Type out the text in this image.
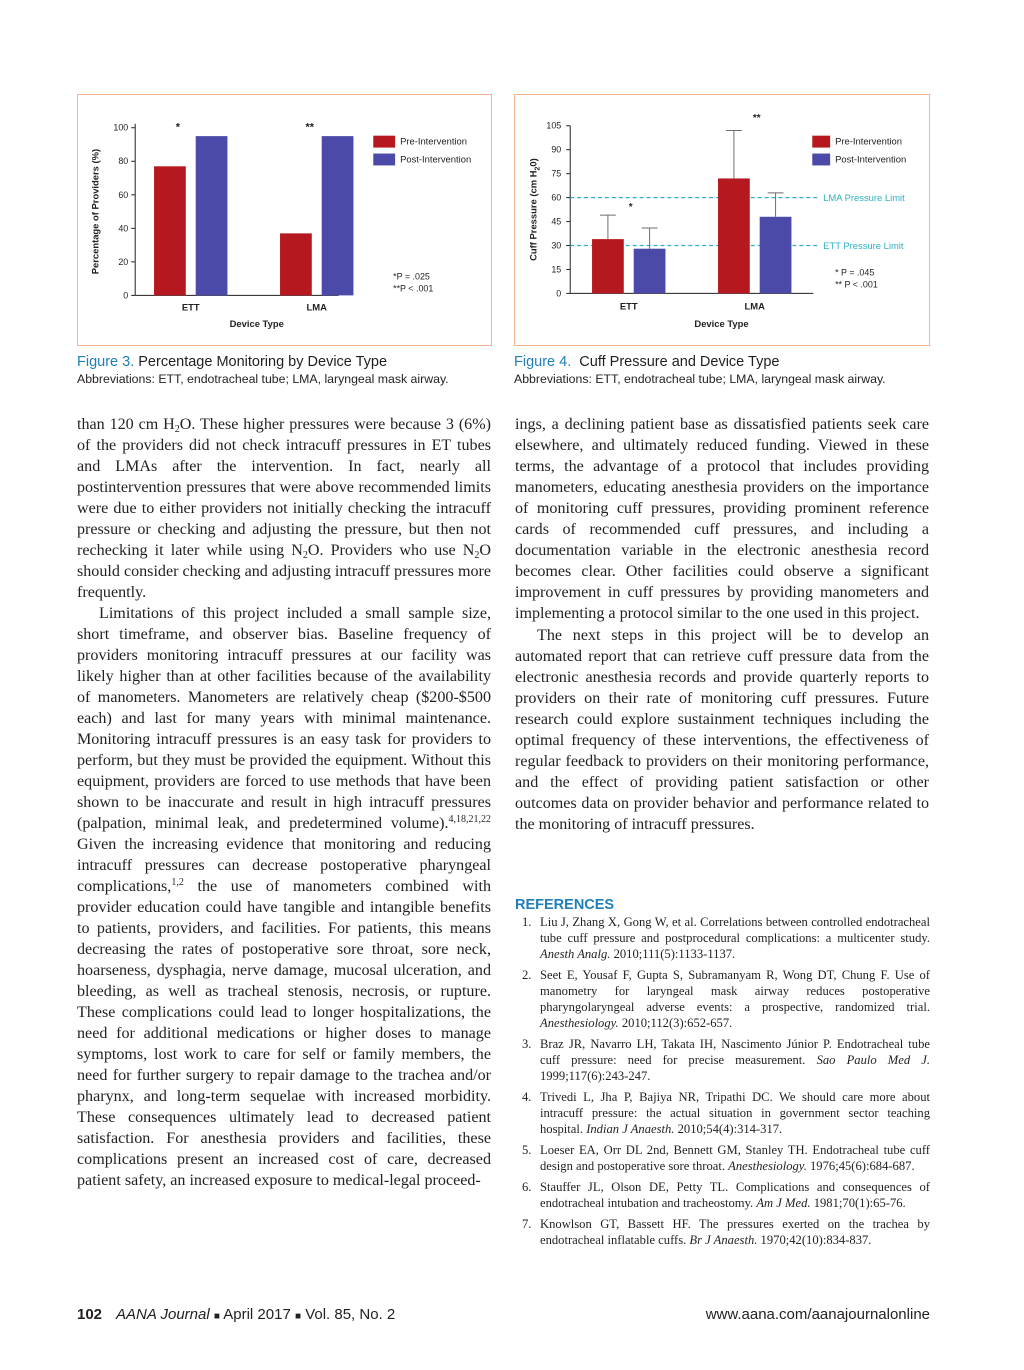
0
20
40
60
80
100
ETT
*
LMA
**
Device Type
Percentage of Providers (%)
Pre-Intervention
Post-Intervention
*P = .025
**P < .001	0
15
30
45
60
75
90
105
LMA Pressure Limit
ETT Pressure Limit
ETT	LMA
*
**
Device Type
Cuff Pressure (cm $H_20$)
Pre-Intervention
Post-Intervention
* P = .045
** P < .001
Figure 3. Percentage Monitoring by Device Type
Abbreviations: ETT, endotracheal tube; LMA, laryngeal mask airway.
Figure 4. Cuff Pressure and Device Type
Abbreviations: ETT, endotracheal tube; LMA, laryngeal mask airway.

than 120 cm $H_2O$. These higher pressures were because 3 (6%) of the providers did not check intracuff pressures in ET tubes and LMAs after the intervention. In fact, nearly all postintervention pressures that were above recommended limits were due to either providers not initially checking the intracuff pressure or checking and adjusting the pressure, but then not rechecking it later while using $N_2O$. Providers who use $N_2O$ should consider checking and adjusting intracuff pressures more frequently.

Limitations of this project included a small sample size, short timeframe, and observer bias. Baseline frequency of providers monitoring intracuff pressures at our facility was likely higher than at other facilities because of the availability of manometers. Manometers are relatively cheap ($200-$500 each) and last for many years with minimal maintenance. Monitoring intracuff pressures is an easy task for providers to perform, but they must be provided the equipment. Without this equipment, providers are forced to use methods that have been shown to be inaccurate and result in high intracuff pressures (palpation, minimal leak, and predetermined volume).$^{4,18,21,22}$ Given the increasing evidence that monitoring and reducing intracuff pressures can decrease postoperative pharyngeal complications,$^{1,2}$ the use of manometers combined with provider education could have tangible and intangible benefits to patients, providers, and facilities. For patients, this means decreasing the rates of postoperative sore throat, sore neck, hoarseness, dysphagia, nerve damage, mucosal ulceration, and bleeding, as well as tracheal stenosis, necrosis, or rupture. These complications could lead to longer hospitalizations, the need for additional medications or higher doses to manage symptoms, lost work to care for self or family members, the need for further surgery to repair damage to the trachea and/or pharynx, and long-term sequelae with increased morbidity. These consequences ultimately lead to decreased patient satisfaction. For anesthesia providers and facilities, these complications present an increased cost of care, decreased patient safety, an increased exposure to medical-legal proceed-

ings, a declining patient base as dissatisfied patients seek care elsewhere, and ultimately reduced funding. Viewed in these terms, the advantage of a protocol that includes providing manometers, educating anesthesia providers on the importance of monitoring cuff pressures, providing prominent reference cards of recommended cuff pressures, and including a documentation variable in the electronic anesthesia record becomes clear. Other facilities could observe a significant improvement in cuff pressures by providing manometers and implementing a protocol similar to the one used in this project.

The next steps in this project will be to develop an automated report that can retrieve cuff pressure data from the electronic anesthesia records and provide quarterly reports to providers on their rate of monitoring cuff pressures. Future research could explore sustainment techniques including the optimal frequency of these interventions, the effectiveness of regular feedback to providers on their monitoring performance, and the effect of providing patient satisfaction or other outcomes data on provider behavior and performance related to the monitoring of intracuff pressures.

REFERENCES
1. Liu J, Zhang X, Gong W, et al. Correlations between controlled endotracheal tube cuff pressure and postprocedural complications: a multicenter study. Anesth Analg. 2010;111(5):1133-1137.
2. Seet E, Yousaf F, Gupta S, Subramanyam R, Wong DT, Chung F. Use of manometry for laryngeal mask airway reduces postoperative pharyngolaryngeal adverse events: a prospective, randomized trial. Anesthesiology. 2010;112(3):652-657.
3. Braz JR, Navarro LH, Takata IH, Nascimento Júnior P. Endotracheal tube cuff pressure: need for precise measurement. Sao Paulo Med J. 1999;117(6):243-247.
4. Trivedi L, Jha P, Bajiya NR, Tripathi DC. We should care more about intracuff pressure: the actual situation in government sector teaching hospital. Indian J Anaesth. 2010;54(4):314-317.
5. Loeser EA, Orr DL 2nd, Bennett GM, Stanley TH. Endotracheal tube cuff design and postoperative sore throat. Anesthesiology. 1976;45(6):684-687.
6. Stauffer JL, Olson DE, Petty TL. Complications and consequences of endotracheal intubation and tracheostomy. Am J Med. 1981;70(1):65-76.
7. Knowlson GT, Bassett HF. The pressures exerted on the trachea by endotracheal inflatable cuffs. Br J Anaesth. 1970;42(10):834-837.
102 AANA Journal ■ April 2017 ■ Vol. 85, No. 2	www.aana.com/aanajournalonline
